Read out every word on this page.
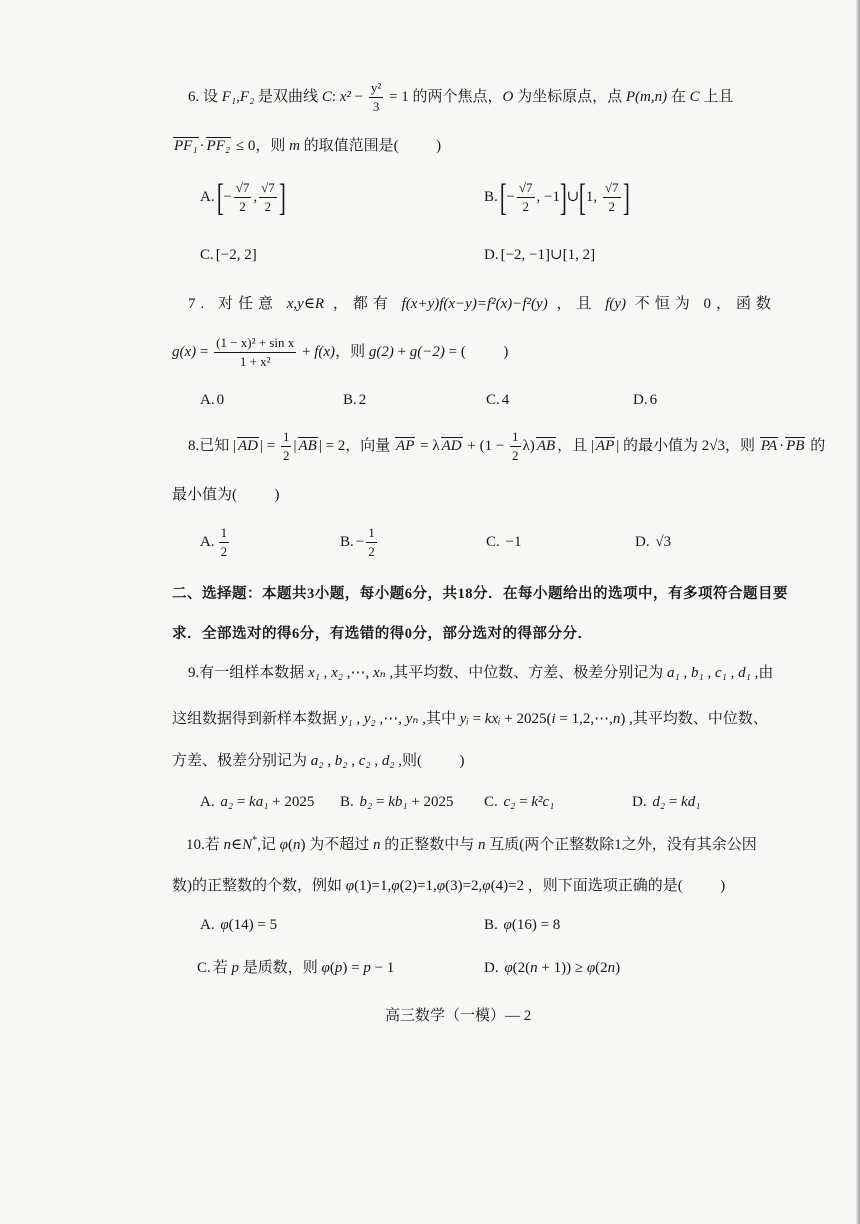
6. 设 F₁,F₂ 是双曲线 C: $x^2 - \frac{\text{y²}}{3} = 1$ 的两个焦点，O 为坐标原点，点 P(m,n) 在 C 上且
PF₁ · PF₂ ≤ 0，则 m 的取值范围是(          )
$A.[- \frac{√7}{2}$ , $\frac{√7}{2}$ ]	$B.[- \frac{√7}{2}$ , −1]∪[1, $\frac{√7}{2}$ ]
C. [−2, 2]	D. [−2, −1]∪[1, 2]
7. 对任意 x,y∈R ，都有 f(x+y)f(x−y)=f²(x)−f²(y) ，且 f(y) 不恒为 0，函数
$g(x) = \frac{\text{(1 − x)² + sin x}}{\text{1 + x²}} + f(x)$，则 g(2) + g(−2) = (          )
A. 0	B. 2	C. 4	D. 6
8.已知 | AD | = $\frac{1}{2}$ | AB | = 2，向量 AP = λ AD + $(1 - \frac{1}{2} \lambda)$ AB ，且 | AP | 的最小值为 2√3，则 PA · PB 的
最小值为(          )
A. $\frac{1}{2}$	B. − $\frac{1}{2}$	C. −1	D. √3
二、选择题：本题共3小题，每小题6分，共18分．在每小题给出的选项中，有多项符合题目要
求．全部选对的得6分，有选错的得0分，部分选对的得部分分．
9.有一组样本数据 x₁ , x₂ ,⋯, xₙ ,其平均数、中位数、方差、极差分别记为 a₁ , b₁ , c₁ , d₁ ,由
这组数据得到新样本数据 y₁ , y₂ ,⋯, yₙ ,其中 yᵢ = kxᵢ + 2025(i = 1,2,⋯,n) ,其平均数、中位数、
方差、极差分别记为 a₂ , b₂ , c₂ , d₂ ,则(          )
A. a₂ = ka₁ + 2025 B. b₂ = kb₁ + 2025 C. c₂ = k²c₁	D. d₂ = kd₁
10.若 n∈N*,记 φ(n) 为不超过 n 的正整数中与 n 互质(两个正整数除1之外，没有其余公因
数)的正整数的个数，例如 φ(1)=1,φ(2)=1,φ(3)=2,φ(4)=2 ，则下面选项正确的是(          )
A. φ(14) = 5	B. φ(16) = 8
C. 若 p 是质数，则 φ(p) = p − 1	D. φ(2(n + 1)) ≥ φ(2n)
高三数学（一模）— 2
